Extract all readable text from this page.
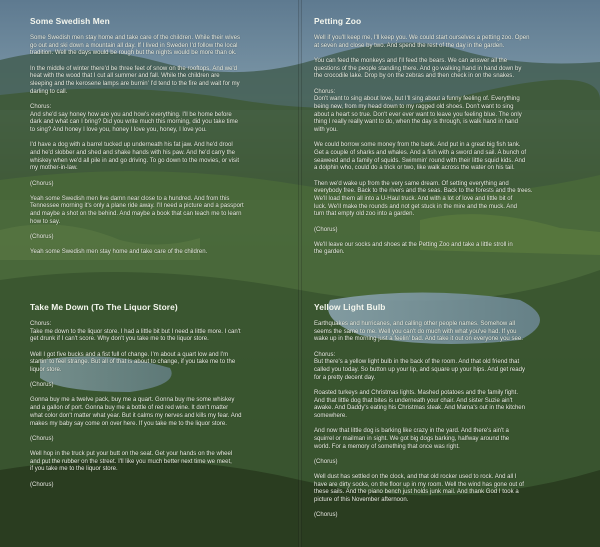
Some Swedish Men
Some Swedish men stay home and take care of the children. While their wives
go out and ski down a mountain all day. If I lived in Sweden I'd follow the local
tradition. Well the days would be rough but the nights would be more than ok.
In the middle of winter there'd be three feet of snow on the rooftops. And we'd
heat with the wood that I cut all summer and fall. While the children are
sleeping and the kerosene lamps are burnin' I'd tend to the fire and wait for my
darling to call.
Chorus:
And she'd say honey how are you and how's everything. I'll be home before
dark and what can I bring? Did you write much this morning, did you take time
to sing? And honey I love you, honey I love you, honey, I love you.
I'd have a dog with a barrel tucked up underneath his fat jaw. And he'd drool
and he'd slobber and shed and shake hands with his paw. And he'd carry the
whiskey when we'd all pile in and go driving. To go down to the movies, or visit
my mother-in-law.
(Chorus)
Yeah some Swedish men live damn near close to a hundred. And from this
Tennessee morning it's only a plane ride away. I'll need a picture and a passport
and maybe a shot on the behind. And maybe a book that can teach me to learn
how to say.
(Chorus)
Yeah some Swedish men stay home and take care of the children.
Take Me Down (To The Liquor Store)
Chorus:
Take me down to the liquor store. I had a little bit but I need a little more. I can't
get drunk if I can't score. Why don't you take me to the liquor store.
Well I got five bucks and a fist full of change. I'm about a quart low and I'm
startin' to feel strange. But all of that is about to change, if you take me to the
liquor store.
(Chorus)
Gonna buy me a twelve pack, buy me a quart. Gonna buy me some whiskey
and a gallon of port. Gonna buy me a bottle of red red wine. It don't matter
what color don't matter what year. But it calms my nerves and kills my fear. And
makes my baby say come on over here. If you take me to the liquor store.
(Chorus)
Well hop in the truck put your butt on the seat. Get your hands on the wheel
and put the rubber on the street. I'll like you much better next time we meet,
if you take me to the liquor store.
(Chorus)
Petting Zoo
Well if you'll keep me, I'll keep you. We could start ourselves a petting zoo. Open
at seven and close by two. And spend the rest of the day in the garden.
You can feed the monkeys and I'll feed the bears. We can answer all the
questions of the people standing there. And go walking hand in hand down by
the crocodile lake. Drop by on the zebras and then check in on the snakes.
Chorus:
Don't want to sing about love, but I'll sing about a funny feeling of. Everything
being new, from my head down to my ragged old shoes. Don't want to sing
about a heart so true. Don't ever ever want to leave you feeling blue. The only
thing I really really want to do, when the day is through, is walk hand in hand
with you.
We could borrow some money from the bank. And put in a great big fish tank.
Get a couple of sharks and whales. And a fish with a sword and sail. A bunch of
seaweed and a family of squids. Swimmin' round with their little squid kids. And
a dolphin who, could do a trick or two, like walk across the water on his tail.
Then we'd wake up from the very same dream. Of setting everything and
everybody free. Back to the rivers and the seas. Back to the forests and the trees.
We'll load them all into a U-Haul truck. And with a lot of love and little bit of
luck. We'll make the rounds and not get stuck in the mire and the muck. And
turn that empty old zoo into a garden.
(Chorus)
We'll leave our socks and shoes at the Petting Zoo and take a little stroll in
the garden.
Yellow Light Bulb
Earthquakes and hurricanes, and calling other people names. Somehow all
seems the same to me. Well you can't do much with what you've had. If you
wake up in the morning just a feelin' bad. And take it out on everyone you see.
Chorus:
But there's a yellow light bulb in the back of the room. And that old friend that
called you today. So button up your lip, and square up your hips. And get ready
for a pretty decent day.
Roasted turkeys and Christmas lights. Mashed potatoes and the family fight.
And that little dog that bites is underneath your chair. And sister Suzie ain't
awake. And Daddy's eating his Christmas steak. And Mama's out in the kitchen
somewhere.
And now that little dog is barking like crazy in the yard. And there's ain't a
squirrel or mailman in sight. We got big dogs barking, halfway around the
world. For a memory of something that once was right.
(Chorus)
Well dust has settled on the clock, and that old rocker used to rock. And all I
have are dirty socks, on the floor up in my room. Well the wind has gone out of
these sails. And the piano bench just holds junk mail. And thank God I took a
picture of this November afternoon.
(Chorus)
